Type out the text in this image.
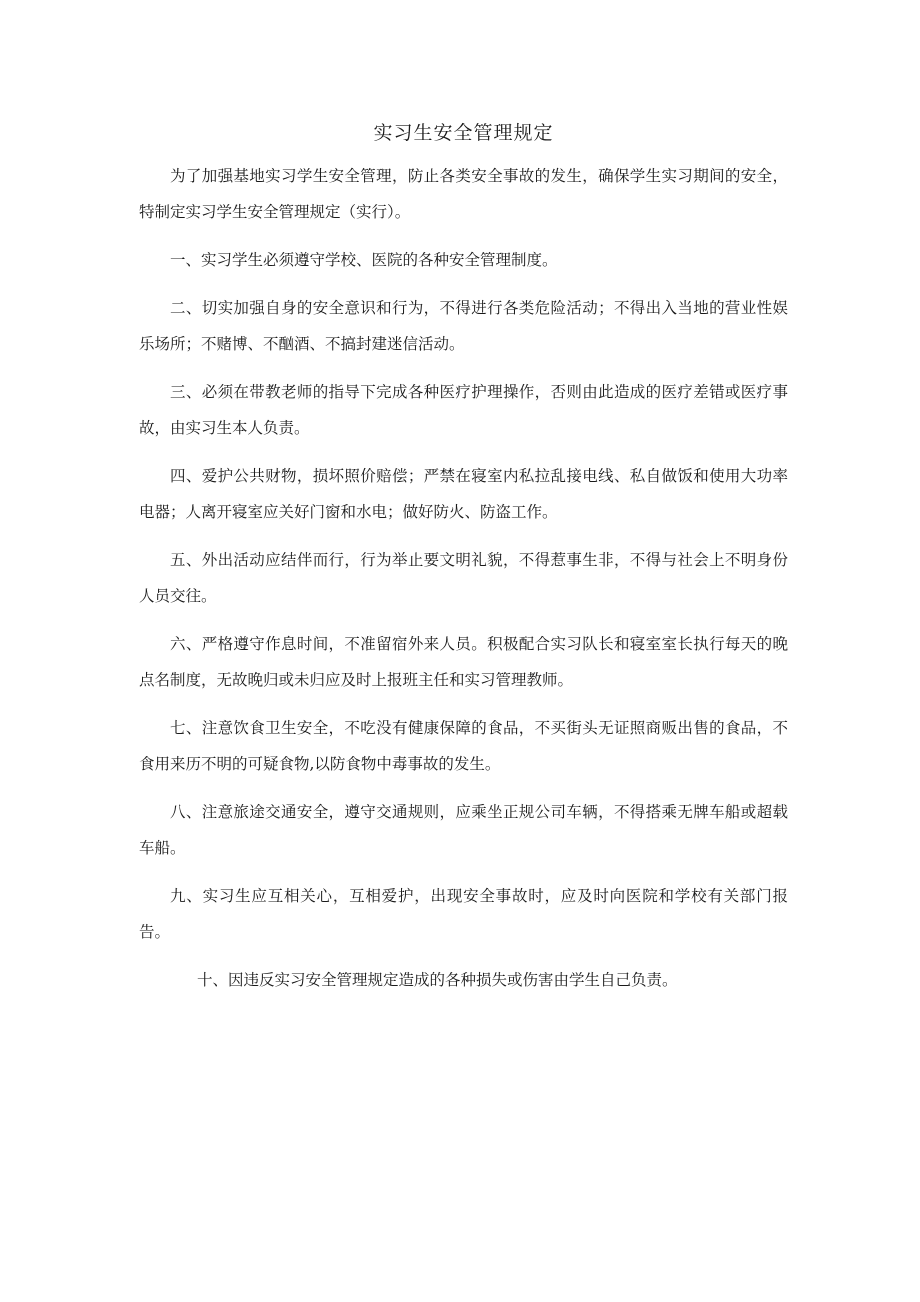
实习生安全管理规定

为了加强基地实习学生安全管理，防止各类安全事故的发生，确保学生实习期间的安全，特制定实习学生安全管理规定（实行）。

一、实习学生必须遵守学校、医院的各种安全管理制度。

二、切实加强自身的安全意识和行为，不得进行各类危险活动；不得出入当地的营业性娱乐场所；不赌博、不酗酒、不搞封建迷信活动。

三、必须在带教老师的指导下完成各种医疗护理操作，否则由此造成的医疗差错或医疗事故，由实习生本人负责。

四、爱护公共财物，损坏照价赔偿；严禁在寝室内私拉乱接电线、私自做饭和使用大功率电器；人离开寝室应关好门窗和水电；做好防火、防盗工作。

五、外出活动应结伴而行，行为举止要文明礼貌，不得惹事生非，不得与社会上不明身份人员交往。

六、严格遵守作息时间，不准留宿外来人员。积极配合实习队长和寝室室长执行每天的晚点名制度，无故晚归或未归应及时上报班主任和实习管理教师。

七、注意饮食卫生安全，不吃没有健康保障的食品，不买街头无证照商贩出售的食品，不食用来历不明的可疑食物,以防食物中毒事故的发生。

八、注意旅途交通安全，遵守交通规则，应乘坐正规公司车辆，不得搭乘无牌车船或超载车船。

九、实习生应互相关心，互相爱护，出现安全事故时，应及时向医院和学校有关部门报告。

十、因违反实习安全管理规定造成的各种损失或伤害由学生自己负责。
